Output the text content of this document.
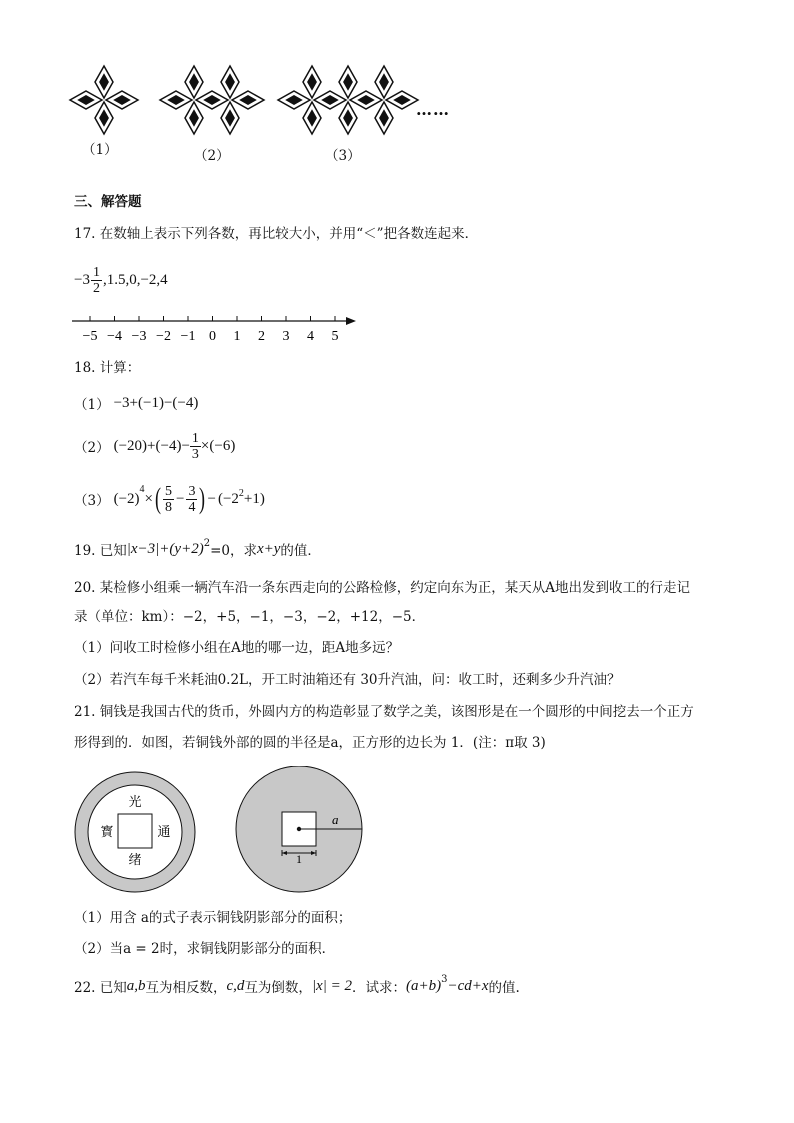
（1）	（2）	（3）
……
三、解答题
17. 在数轴上表示下列各数，再比较大小，并用“＜”把各数连起来．
$-3 \frac{1}{2} ,1.5,0,-2,4$
−5 −4 −3 −2 −1 0 1 2 3 4 5
18. 计算：
（1） −3+(−1)−(−4)
（2） $(-20)+(-4)- \frac{1}{3} \times(-6)$
（3） (−2)
$^4$
× ( $\frac{5}{8} - \frac{3}{4}$ ) − $(-2^2 +1)$
19. 已知 $|x-3|+(y+2)^2 =0$，求 x+y 的值．
20. 某检修小组乘一辆汽车沿一条东西走向的公路检修，约定向东为正，某天从A地出发到收工的行走记
录（单位：km）：−2，+5，−1，−3，−2，+12，−5．
（1）问收工时检修小组在A地的哪一边，距A地多远？
（2）若汽车每千米耗油0.2L，开工时油箱还有 30升汽油，问：收工时，还剩多少升汽油？
21. 铜钱是我国古代的货币，外圆内方的构造彰显了数学之美，该图形是在一个圆形的中间挖去一个正方
形得到的．如图，若铜钱外部的圆的半径是a，正方形的边长为 1．(注：π取 3)
光
寳	通
绪
a
1
（1）用含 a的式子表示铜钱阴影部分的面积；
（2）当a = 2时，求铜钱阴影部分的面积．
22. 已知 a,b 互为相反数， c,d 互为倒数， |x| = 2 ．试求： $(a+b)^3 -cd+x$ 的值.
